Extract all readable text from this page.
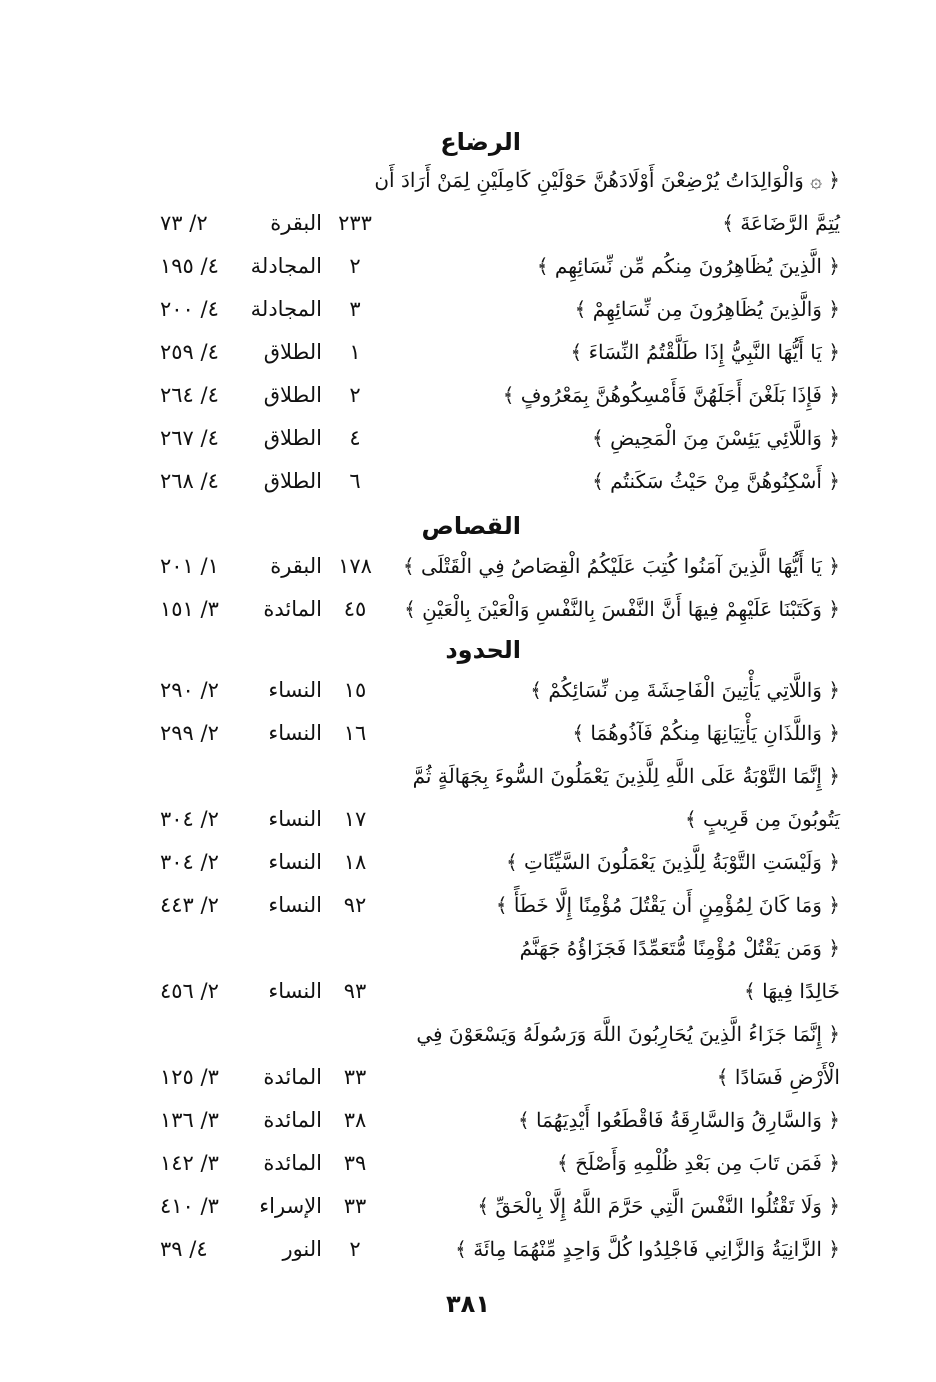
الرضاع
﴿ ۞ وَالْوَالِدَاتُ يُرْضِعْنَ أَوْلَادَهُنَّ حَوْلَيْنِ كَامِلَيْنِ لِمَنْ أَرَادَ أَن
يُتِمَّ الرَّضَاعَةَ ﴾
٢٣٣
البقرة
٢/ ٧٣
﴿ الَّذِينَ يُظَاهِرُونَ مِنكُم مِّن نِّسَائِهِم ﴾
٢
المجادلة
٤/ ١٩٥
﴿ وَالَّذِينَ يُظَاهِرُونَ مِن نِّسَائِهِمْ ﴾
٣
المجادلة
٤/ ٢٠٠
﴿ يَا أَيُّهَا النَّبِيُّ إِذَا طَلَّقْتُمُ النِّسَاءَ ﴾
١
الطلاق
٤/ ٢٥٩
﴿ فَإِذَا بَلَغْنَ أَجَلَهُنَّ فَأَمْسِكُوهُنَّ بِمَعْرُوفٍ ﴾
٢
الطلاق
٤/ ٢٦٤
﴿ وَاللَّائِي يَئِسْنَ مِنَ الْمَحِيضِ ﴾
٤
الطلاق
٤/ ٢٦٧
﴿ أَسْكِنُوهُنَّ مِنْ حَيْثُ سَكَنتُم ﴾
٦
الطلاق
٤/ ٢٦٨
القصاص
﴿ يَا أَيُّهَا الَّذِينَ آمَنُوا كُتِبَ عَلَيْكُمُ الْقِصَاصُ فِي الْقَتْلَى ﴾
١٧٨
البقرة
١/ ٢٠١
﴿ وَكَتَبْنَا عَلَيْهِمْ فِيهَا أَنَّ النَّفْسَ بِالنَّفْسِ وَالْعَيْنَ بِالْعَيْنِ ﴾
٤٥
المائدة
٣/ ١٥١
الحدود
﴿ وَاللَّاتِي يَأْتِينَ الْفَاحِشَةَ مِن نِّسَائِكُمْ ﴾
١٥
النساء
٢/ ٢٩٠
﴿ وَاللَّذَانِ يَأْتِيَانِهَا مِنكُمْ فَآذُوهُمَا ﴾
١٦
النساء
٢/ ٢٩٩
﴿ إِنَّمَا التَّوْبَةُ عَلَى اللَّهِ لِلَّذِينَ يَعْمَلُونَ السُّوءَ بِجَهَالَةٍ ثُمَّ
يَتُوبُونَ مِن قَرِيبٍ ﴾
١٧
النساء
٢/ ٣٠٤
﴿ وَلَيْسَتِ التَّوْبَةُ لِلَّذِينَ يَعْمَلُونَ السَّيِّئَاتِ ﴾
١٨
النساء
٢/ ٣٠٤
﴿ وَمَا كَانَ لِمُؤْمِنٍ أَن يَقْتُلَ مُؤْمِنًا إِلَّا خَطَأً ﴾
٩٢
النساء
٢/ ٤٤٣
﴿ وَمَن يَقْتُلْ مُؤْمِنًا مُّتَعَمِّدًا فَجَزَاؤُهُ جَهَنَّمُ
خَالِدًا فِيهَا ﴾
٩٣
النساء
٢/ ٤٥٦
﴿ إِنَّمَا جَزَاءُ الَّذِينَ يُحَارِبُونَ اللَّهَ وَرَسُولَهُ وَيَسْعَوْنَ فِي
الْأَرْضِ فَسَادًا ﴾
٣٣
المائدة
٣/ ١٢٥
﴿ وَالسَّارِقُ وَالسَّارِقَةُ فَاقْطَعُوا أَيْدِيَهُمَا ﴾
٣٨
المائدة
٣/ ١٣٦
﴿ فَمَن تَابَ مِن بَعْدِ ظُلْمِهِ وَأَصْلَحَ ﴾
٣٩
المائدة
٣/ ١٤٢
﴿ وَلَا تَقْتُلُوا النَّفْسَ الَّتِي حَرَّمَ اللَّهُ إِلَّا بِالْحَقِّ ﴾
٣٣
الإسراء
٣/ ٤١٠
﴿ الزَّانِيَةُ وَالزَّانِي فَاجْلِدُوا كُلَّ وَاحِدٍ مِّنْهُمَا مِائَةَ ﴾
٢
النور
٤/ ٣٩
٣٨١
